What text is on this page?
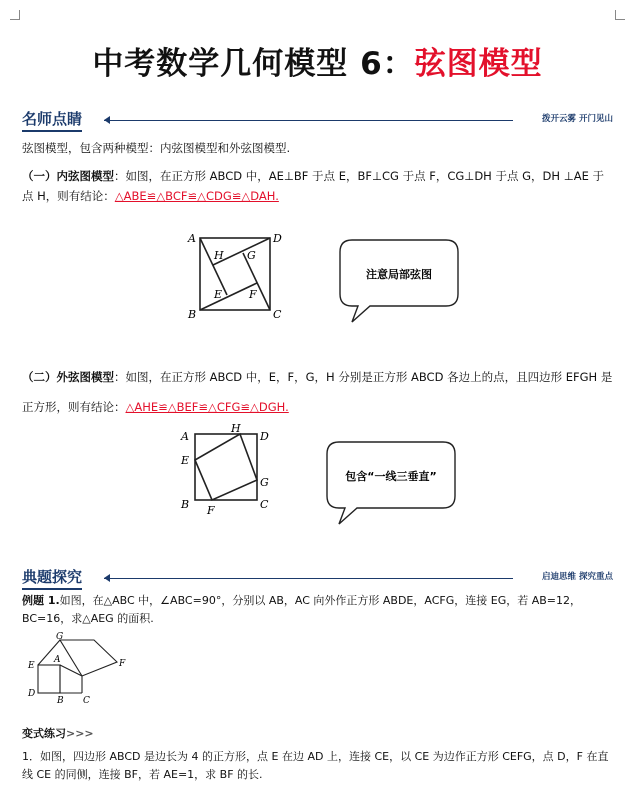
中考数学几何模型 6：弦图模型
名师点睛	拨开云雾 开门见山
弦图模型，包含两种模型：内弦图模型和外弦图模型.
（一）内弦图模型：如图，在正方形 ABCD 中，AE⊥BF 于点 E，BF⊥CG 于点 F，CG⊥DH 于点 G，DH ⊥AE 于点 H，则有结论：△ABE≌△BCF≌△CDG≌△DAH.
A	D
H G
E F
B	C
注意局部弦图
（二）外弦图模型：如图，在正方形 ABCD 中，E，F，G，H 分别是正方形 ABCD 各边上的点，且四边形 EFGH 是正方形，则有结论：△AHE≌△BEF≌△CFG≌△DGH.
A
H
D
E
G
B F	C
包含“一线三垂直”
典题探究	启迪思维 探究重点
例题 1.如图，在△ABC 中，∠ABC=90°，分别以 AB，AC 向外作正方形 ABDE，ACFG，连接 EG，若 AB=12，BC=16，求△AEG 的面积.
G
E
A	F
D
B C
变式练习>>>
1．如图，四边形 ABCD 是边长为 4 的正方形，点 E 在边 AD 上，连接 CE，以 CE 为边作正方形 CEFG，点 D，F 在直线 CE 的同侧，连接 BF，若 AE=1，求 BF 的长.
